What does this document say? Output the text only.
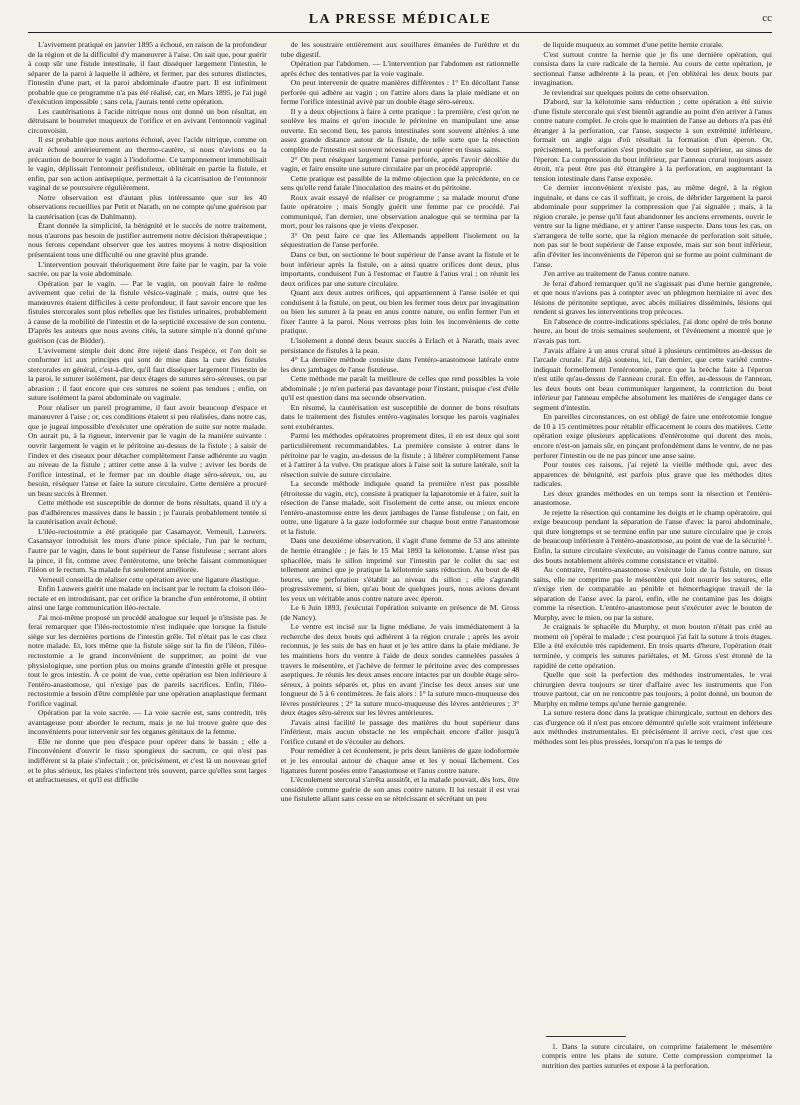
LA PRESSE MÉDICALE	cc

L'avivement pratiqué en janvier 1895 a échoué, en raison de la profondeur de la région et de la difficulté d'y manœuvrer à l'aise. On sait que, pour guérir à coup sûr une fistule intestinale, il faut disséquer largement l'intestin, le séparer de la paroi à laquelle il adhère, et fermer, par des sutures distinctes, l'intestin d'une part, et la paroi abdominale d'autre part. Il est infiniment probable que ce programme n'a pas été réalisé, car, en Mars 1895, je l'ai jugé d'exécution impossible ; sans cela, j'aurais tenté cette opération.

Les cautérisations à l'acide nitrique nous ont donné un bon résultat, en détruisant le bourrelet muqueux de l'orifice et en avivant l'entonnoir vaginal circonvoisin.

Il est probable que nous aurions échoué, avec l'acide nitrique, comme on avait échoué antérieurement au thermo-cautère, si nous n'avions eu la précaution de bourrer le vagin à l'iodoforme. Ce tamponnement immobilisait le vagin, déplissait l'entonnoir préfistuleux, oblitérait en partie la fistule, et enfin, par son action antiseptique, permettait à la cicatrisation de l'entonnoir vaginal de se poursuivre régulièrement.

Notre observation est d'autant plus intéressante que sur les 40 observations recueillies par Petit et Narath, on ne compte qu'une guérison par la cautérisation (cas de Dahlmann).

Étant donnée la simplicité, la bénignité et le succès de notre traitement, nous n'aurons pas besoin de justifier autrement notre décision thérapeutique ; nous ferons cependant observer que les autres moyens à notre disposition présentaient tous une difficulté ou une gravité plus grande.

L'intervention pouvait théoriquement être faite par le vagin, par la voie sacrée, ou par la voie abdominale.

Opération par le vagin. — Par le vagin, on pouvait faire le même avivement que celui de la fistule vésico-vaginale ; mais, outre que les manœuvres étaient difficiles à cette profondeur, il faut savoir encore que les fistules stercorales sont plus rebelles que les fistules urinaires, probablement à cause de la mobilité de l'intestin et de la septicité excessive de son contenu. D'après les auteurs que nous avons cités, la suture simple n'a donné qu'une guérison (cas de Bidder).

L'avivement simple doit donc être rejeté dans l'espèce, et l'on doit se conformer ici aux principes qui sont de mise dans la cure des fistules stercorales en général, c'est-à-dire, qu'il faut disséquer largement l'intestin de la paroi, le suturer isolément, par deux étages de sutures séro-séreuses, ou par abrasion ; il faut encore que ces sutures ne soient pas tendues ; enfin, on suture isolément la paroi abdominale ou vaginale.

Pour réaliser un pareil programme, il faut avoir beaucoup d'espace et manœuvrer à l'aise ; or, ces conditions étaient si peu réalisées, dans notre cas, que je jugeai impossible d'exécuter une opération de suite sur notre malade. On aurait pu, à la rigueur, intervenir par le vagin de la manière suivante : ouvrir largement le vagin et le péritoine au-dessus de la fistule ; à saisir de l'index et des ciseaux pour détacher complètement l'anse adhérente au vagin au niveau de la fistule ; attirer cette anse à la vulve ; aviver les bords de l'orifice intestinal, et le fermer par un double étage séro-séreux, ou, au besoin, réséquer l'anse et faire la suture circulaire. Cette dernière a procuré un beau succès à Brenner.

Cette méthode est susceptible de donner de bons résultats, quand il n'y a pas d'adhérences massives dans le bassin ; je l'aurais probablement tentée si la cautérisation avait échoué.

L'iléo-rectostomie a été pratiquée par Casamayor, Verneuil, Lauwers. Casamayor introduisit les mors d'une pince spéciale, l'un par le rectum, l'autre par le vagin, dans le bout supérieur de l'anse fistuleuse ; serrant alors la pince, il fit, comme avec l'entérotome, une brèche faisant communiquer l'iléon et le rectum. Sa malade fut seulement améliorée.

Verneuil conseilla de réaliser cette opération avec une ligature élastique.

Enfin Lauwers guérit une malade en incisant par le rectum la cloison iléo-rectale et en introduisant, par cet orifice la branche d'un entérotome, il obtint ainsi une large communication iléo-rectale.

J'ai moi-même proposé un procédé analogue sur lequel je n'insiste pas. Je ferai remarquer que l'iléo-rectostomie n'est indiquée que lorsque la fistule siège sur les dernières portions de l'intestin grêle. Tel n'était pas le cas chez notre malade. Et, lors même que la fistule siège sur la fin de l'iléon, l'iléo-rectostomie a le grand inconvénient de supprimer, au point de vue physiologique, une portion plus ou moins grande d'intestin grêle et presque tout le gros intestin. À ce point de vue, cette opération est bien inférieure à l'entéro-anastomose, qui n'exige pas de pareils sacrifices. Enfin, l'iléo-rectostomie a besoin d'être complétée par une opération anaplastique fermant l'orifice vaginal.

Opération par la voie sacrée. — La voie sacrée est, sans contredit, très avantageuse pour aborder le rectum, mais je ne lui trouve guère que des inconvénients pour intervenir sur les organes génitaux de la femme.

Elle ne donne que peu d'espace pour opérer dans le bassin ; elle a l'inconvénient d'ouvrir le tissu spongieux du sacrum, ce qui n'est pas indifférent si la plaie s'infectait ; or, précisément, et c'est là un nouveau grief et le plus sérieux, les plaies s'infectent très souvent, parce qu'elles sont larges et anfractueuses, et qu'il est difficile

de les soustraire entièrement aux souillures émanées de l'urèthre et du tube digestif.

Opération par l'abdomen. — L'intervention par l'abdomen est rationnelle après échec des tentatives par la voie vaginale.

On peut intervenir de quatre manières différentes : 1° En décollant l'anse perforée qui adhère au vagin ; on l'attire alors dans la plaie médiane et on ferme l'orifice intestinal avivé par un double étage séro-séreux.

Il y a deux objections à faire à cette pratique : la première, c'est qu'on ne soulève les mains et qu'on inocule le péritoine en manipulant une anse ouverte. En second lieu, les parois intestinales sont souvent altérées à une assez grande distance autour de la fistule, de telle sorte que la résection complète de l'intestin est souvent nécessaire pour opérer en tissus sains.

2° On peut réséquer largement l'anse perforée, après l'avoir décollée du vagin, et faire ensuite une suture circulaire par un procédé approprié.

Cette pratique est passible de la même objection que la précédente, en ce sens qu'elle rend fatale l'inoculation des mains et du péritoine.

Roux avait essayé de réaliser ce programme ; sa malade mourut d'une faute opératoire ; mais Songly guérit une femme par ce procédé. J'ai communiqué, l'an dernier, une observation analogue qui se termina par la mort, pour les raisons que je viens d'exposer.

3° On peut faire ce que les Allemands appellent l'isolement ou la séquestration de l'anse perforée.

Dans ce but, on sectionne le bout supérieur de l'anse avant la fistule et le bout inférieur après la fistule, on a ainsi quatre orifices dont deux, plus importants, conduisent l'un à l'estomac et l'autre à l'anus vrai ; on réunit les deux orifices par une suture circulaire.

Quant aux deux autres orifices, qui appartiennent à l'anse isolée et qui conduisent à la fistule, on peut, ou bien les fermer tous deux par invagination ou bien les suturer à la peau en anus contre nature, ou enfin fermer l'un et fixer l'autre à la paroi. Nous verrons plus loin les inconvénients de cette pratique.

L'isolement a donné deux beaux succès à Erlach et à Narath, mais avec persistance de fistules à la peau.

4° La dernière méthode consiste dans l'entéro-anastomose latérale entre les deux jambages de l'anse fistuleuse.

Cette méthode me paraît la meilleure de celles que rend possibles la voie abdominale ; je m'en parlerai pas davantage pour l'instant, puisque c'est d'elle qu'il est question dans ma seconde observation.

En résumé, la cautérisation est susceptible de donner de bons résultats dans le traitement des fistules entéro-vaginales lorsque les parois vaginales sont exubérantes.

Parmi les méthodes opératoires proprement dites, il en est deux qui sont particulièrement recommandables. La première consiste à entrer dans le péritoine par le vagin, au-dessus de la fistule ; à libérer complètement l'anse et à l'attirer à la vulve. On pratique alors à l'aise soit la suture latérale, soit la résection suivie de suture circulaire.

La seconde méthode indiquée quand la première n'est pas possible (étroitesse du vagin, etc), consiste à pratiquer la laparotomie et à faire, soit la résection de l'anse malade, soit l'isolement de cette anse, ou mieux encore l'entéro-anastomose entre les deux jambages de l'anse fistuleuse ; on fait, en outre, une ligature à la gaze iodoformée sur chaque bout entre l'anastomose et la fistule.

Dans une deuxième observation, il s'agit d'une femme de 53 ans atteinte de hernie étranglée ; je fais le 15 Mai 1893 la kélotomie. L'anse n'est pas sphacélée, mais le sillon imprimé sur l'intestin par le collet du sac est tellement aminci que je pratique la kélotomie sans réduction. Au bout de 48 heures, une perforation s'établit au niveau du sillon ; elle s'agrandit progressivement, si bien, qu'au bout de quelques jours, nous avions devant les yeux un véritable anus contre nature avec éperon.

Le 6 Juin 1893, j'exécutai l'opération suivante en présence de M. Gross (de Nancy).

Le ventre est incisé sur la ligne médiane. Je vais immédiatement à la recherche des deux bouts qui adhèrent à la région crurale ; après les avoir reconnus, je les suis de bas en haut et je les attire dans la plaie médiane. Je les maintiens hors du ventre à l'aide de deux sondes cannelées passées à travers le mésentère, et j'achève de fermer le péritoine avec des compresses aseptiques. Je réunis les deux anses encore intactes par un double étage séro-séreux, à points séparés et, plus en avant j'incise les deux anses sur une longueur de 5 à 6 centimètres. Je fais alors : 1° la suture muco-muqueuse des lèvres postérieures ; 2° la suture muco-muqueuse des lèvres antérieures ; 3° deux étages séro-séreux sur les lèvres antérieures.

J'avais ainsi facilité le passage des matières du bout supérieur dans l'inférieur, mais aucun obstacle ne les empêchait encore d'aller jusqu'à l'orifice cutané et de s'écouler au dehors.

Pour remédier à cet écoulement, je pris deux lanières de gaze iodoformée et je les enroulai autour de chaque anse et les y nouai lâchement. Ces ligatures furent posées entre l'anastomose et l'anus contre nature.

L'écoulement stercoral s'arrêta aussitôt, et la malade pouvait, dès lors, être considérée comme guérie de son anus contre nature. Il lui restait il est vrai une fistulette allant sans cesse en se rétrécissant et sécrétant un peu

de liquide muqueux au sommet d'une petite hernie crurale.

C'est surtout contre la hernie que je fis une dernière opération, qui consista dans la cure radicale de la hernie. Au cours de cette opération, je sectionnai l'anse adhérente à la peau, et j'en oblitérai les deux bouts par invagination.

Je reviendrai sur quelques points de cette observation.

D'abord, sur la kélotomie sans réduction ; cette opération a été suivie d'une fistule stercorale qui s'est bientôt agrandie au point d'en arriver à l'anus contre nature complet. Je crois que le maintien de l'anse au dehors n'a pas été étranger à la perforation, car l'anse, suspecte à son extrémité inférieure, formait un angle aigu d'où résultait la formation d'un éperon. Or, précisément, la perforation s'est produite sur le bout supérieur, au sinus de l'éperon. La compression du bout inférieur, par l'anneau crural toujours assez étroit, n'a peut être pas été étrangère à la perforation, en augmentant la tension intestinale dans l'anse exposée.

Ce dernier inconvénient n'existe pas, au même degré, à la région inguinale, et dans ce cas il suffirait, je crois, de débrider largement la paroi abdominale pour supprimer la compression que j'ai signalée ; mais, à la région crurale, je pense qu'il faut abandonner les anciens errements, ouvrir le ventre sur la ligne médiane, et y attirer l'anse suspecte. Dans tous les cas, on s'arrangera de telle sorte, que la région menacée de perforation soit située, non pas sur le bout supérieur de l'anse exposée, mais sur son bout inférieur, afin d'éviter les inconvénients de l'éperon qui se forme au point culminant de l'anse.

J'en arrive au traitement de l'anus contre nature.

Je ferai d'abord remarquer qu'il ne s'agissait pas d'une hernie gangrenée, et que nous n'avions pas à compter avec un phlegmon herniaire ni avec des lésions de péritonite septique, avec abcès miliaires disséminés, lésions qui rendent si graves les interventions trop précoces.

En l'absence de contre-indications spéciales, j'ai donc opéré de très bonne heure, au bout de trois semaines seulement, et l'événement a montré que je n'avais pas tort.

J'avais affaire à un anus crural situé à plusieurs centimètres au-dessus de l'arcade crurale. J'ai déjà soutenu, ici, l'an dernier, que cette variété contre-indiquait formellement l'entérotomie, parce que la brèche faite à l'éperon n'est utile qu'au-dessus de l'anneau crural. En effet, au-dessous de l'anneau, les deux bouts ont beau communiquer largement, la contriction du bout inférieur par l'anneau empêche absolument les matières de s'engager dans ce segment d'intestin.

En pareilles circonstances, on est obligé de faire une entérotomie longue de 10 à 15 centimètres pour rétablir efficacement le cours des matières. Cette opération exige plusieurs applications d'entérotome qui durent des mois, encore n'est-on jamais sûr, en pinçant profondément dans le ventre, de ne pas perforer l'intestin ou de ne pas pincer une anse saine.

Pour toutes ces raisons, j'ai rejeté la vieille méthode qui, avec des apparences de bénignité, est parfois plus grave que les méthodes dites radicales.

Les deux grandes méthodes en un temps sont la résection et l'entéro-anastomose.

Je rejette la résection qui contamine les doigts et le champ opératoire, qui exige beaucoup pendant la séparation de l'anse d'avec la paroi abdominale, qui dure longtemps et se termine enfin par une suture circulaire que je crois de beaucoup inférieure à l'entéro-anastomose, au point de vue de la sécurité ¹. Enfin, la suture circulaire s'exécute, au voisinage de l'anus contre nature, sur des bouts notablement altérés comme consistance et vitalité.

Au contraire, l'entéro-anastomose s'exécute loin de la fistule, en tissus sains, elle ne comprime pas le mésentère qui doit nourrir les sutures, elle n'exige rien de comparable au pénible et hémorrhagique travail de la séparation de l'anse avec la paroi, enfin, elle ne contamine pas les doigts comme la résection. L'entéro-anastomose peut s'exécuter avec le bouton de Murphy, avec le mien, ou par la suture.

Je craignais le sphacèle du Murphy, et mon bouton n'était pas créé au moment où j'opérai le malade ; c'est pourquoi j'ai fait la suture à trois étages. Elle a été exécutée très rapidement. En trois quarts d'heure, l'opération était terminée, y compris les sutures pariétales, et M. Gross s'est étonné de la rapidité de cette opération.

Quelle que soit la perfection des méthodes instrumentales, le vrai chirurgien devra toujours se tirer d'affaire avec les instruments que l'on trouve partout, car on ne rencontre pas toujours, à point donné, un bouton de Murphy en même temps qu'une hernie gangrenée.

La suture restera donc dans la pratique chirurgicale, surtout en dehors des cas d'urgence où il n'est pas encore démontré qu'elle soit vraiment inférieure aux méthodes instrumentales. Et précisément il arrive ceci, c'est que ces méthodes sont les plus pressées, lorsqu'on n'a pas le temps de

1. Dans la suture circulaire, on comprime fatalement le mésentère compris entre les plans de suture. Cette compression compromet la nutrition des parties suturées et expose à la perforation.
